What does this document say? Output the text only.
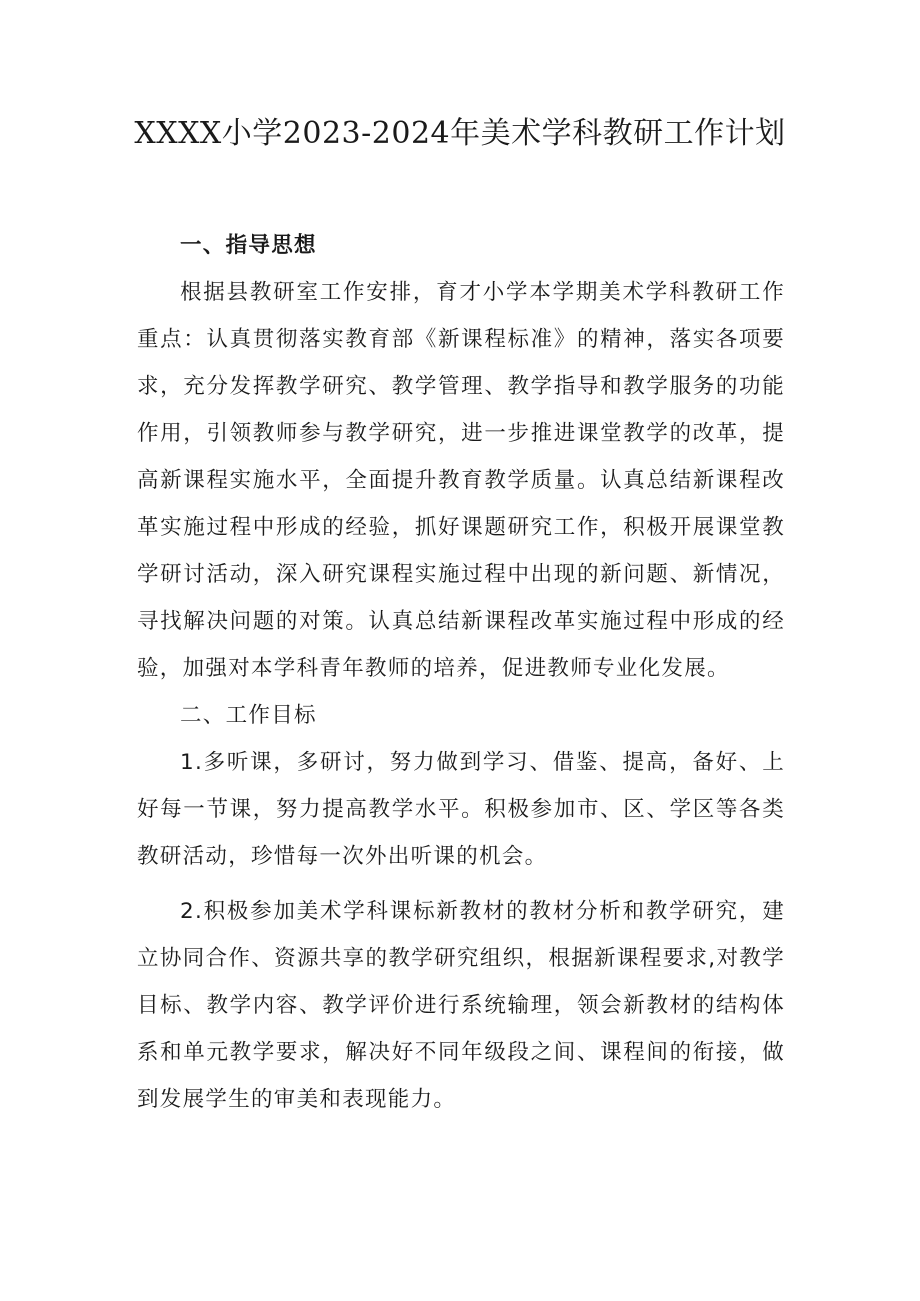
XXXX小学2023-2024年美术学科教研工作计划

一、指导思想

根据县教研室工作安排，育才小学本学期美术学科教研工作重点：认真贯彻落实教育部《新课程标准》的精神，落实各项要求，充分发挥教学研究、教学管理、教学指导和教学服务的功能作用，引领教师参与教学研究，进一步推进课堂教学的改革，提高新课程实施水平，全面提升教育教学质量。认真总结新课程改革实施过程中形成的经验，抓好课题研究工作，积极开展课堂教学研讨活动，深入研究课程实施过程中出现的新问题、新情况，寻找解决问题的对策。认真总结新课程改革实施过程中形成的经验，加强对本学科青年教师的培养，促进教师专业化发展。

二、工作目标

1.多听课，多研讨，努力做到学习、借鉴、提高，备好、上好每一节课，努力提高教学水平。积极参加市、区、学区等各类教研活动，珍惜每一次外出听课的机会。

2.积极参加美术学科课标新教材的教材分析和教学研究，建立协同合作、资源共享的教学研究组织，根据新课程要求,对教学目标、教学内容、教学评价进行系统输理，领会新教材的结构体系和单元教学要求，解决好不同年级段之间、课程间的衔接，做到发展学生的审美和表现能力。
